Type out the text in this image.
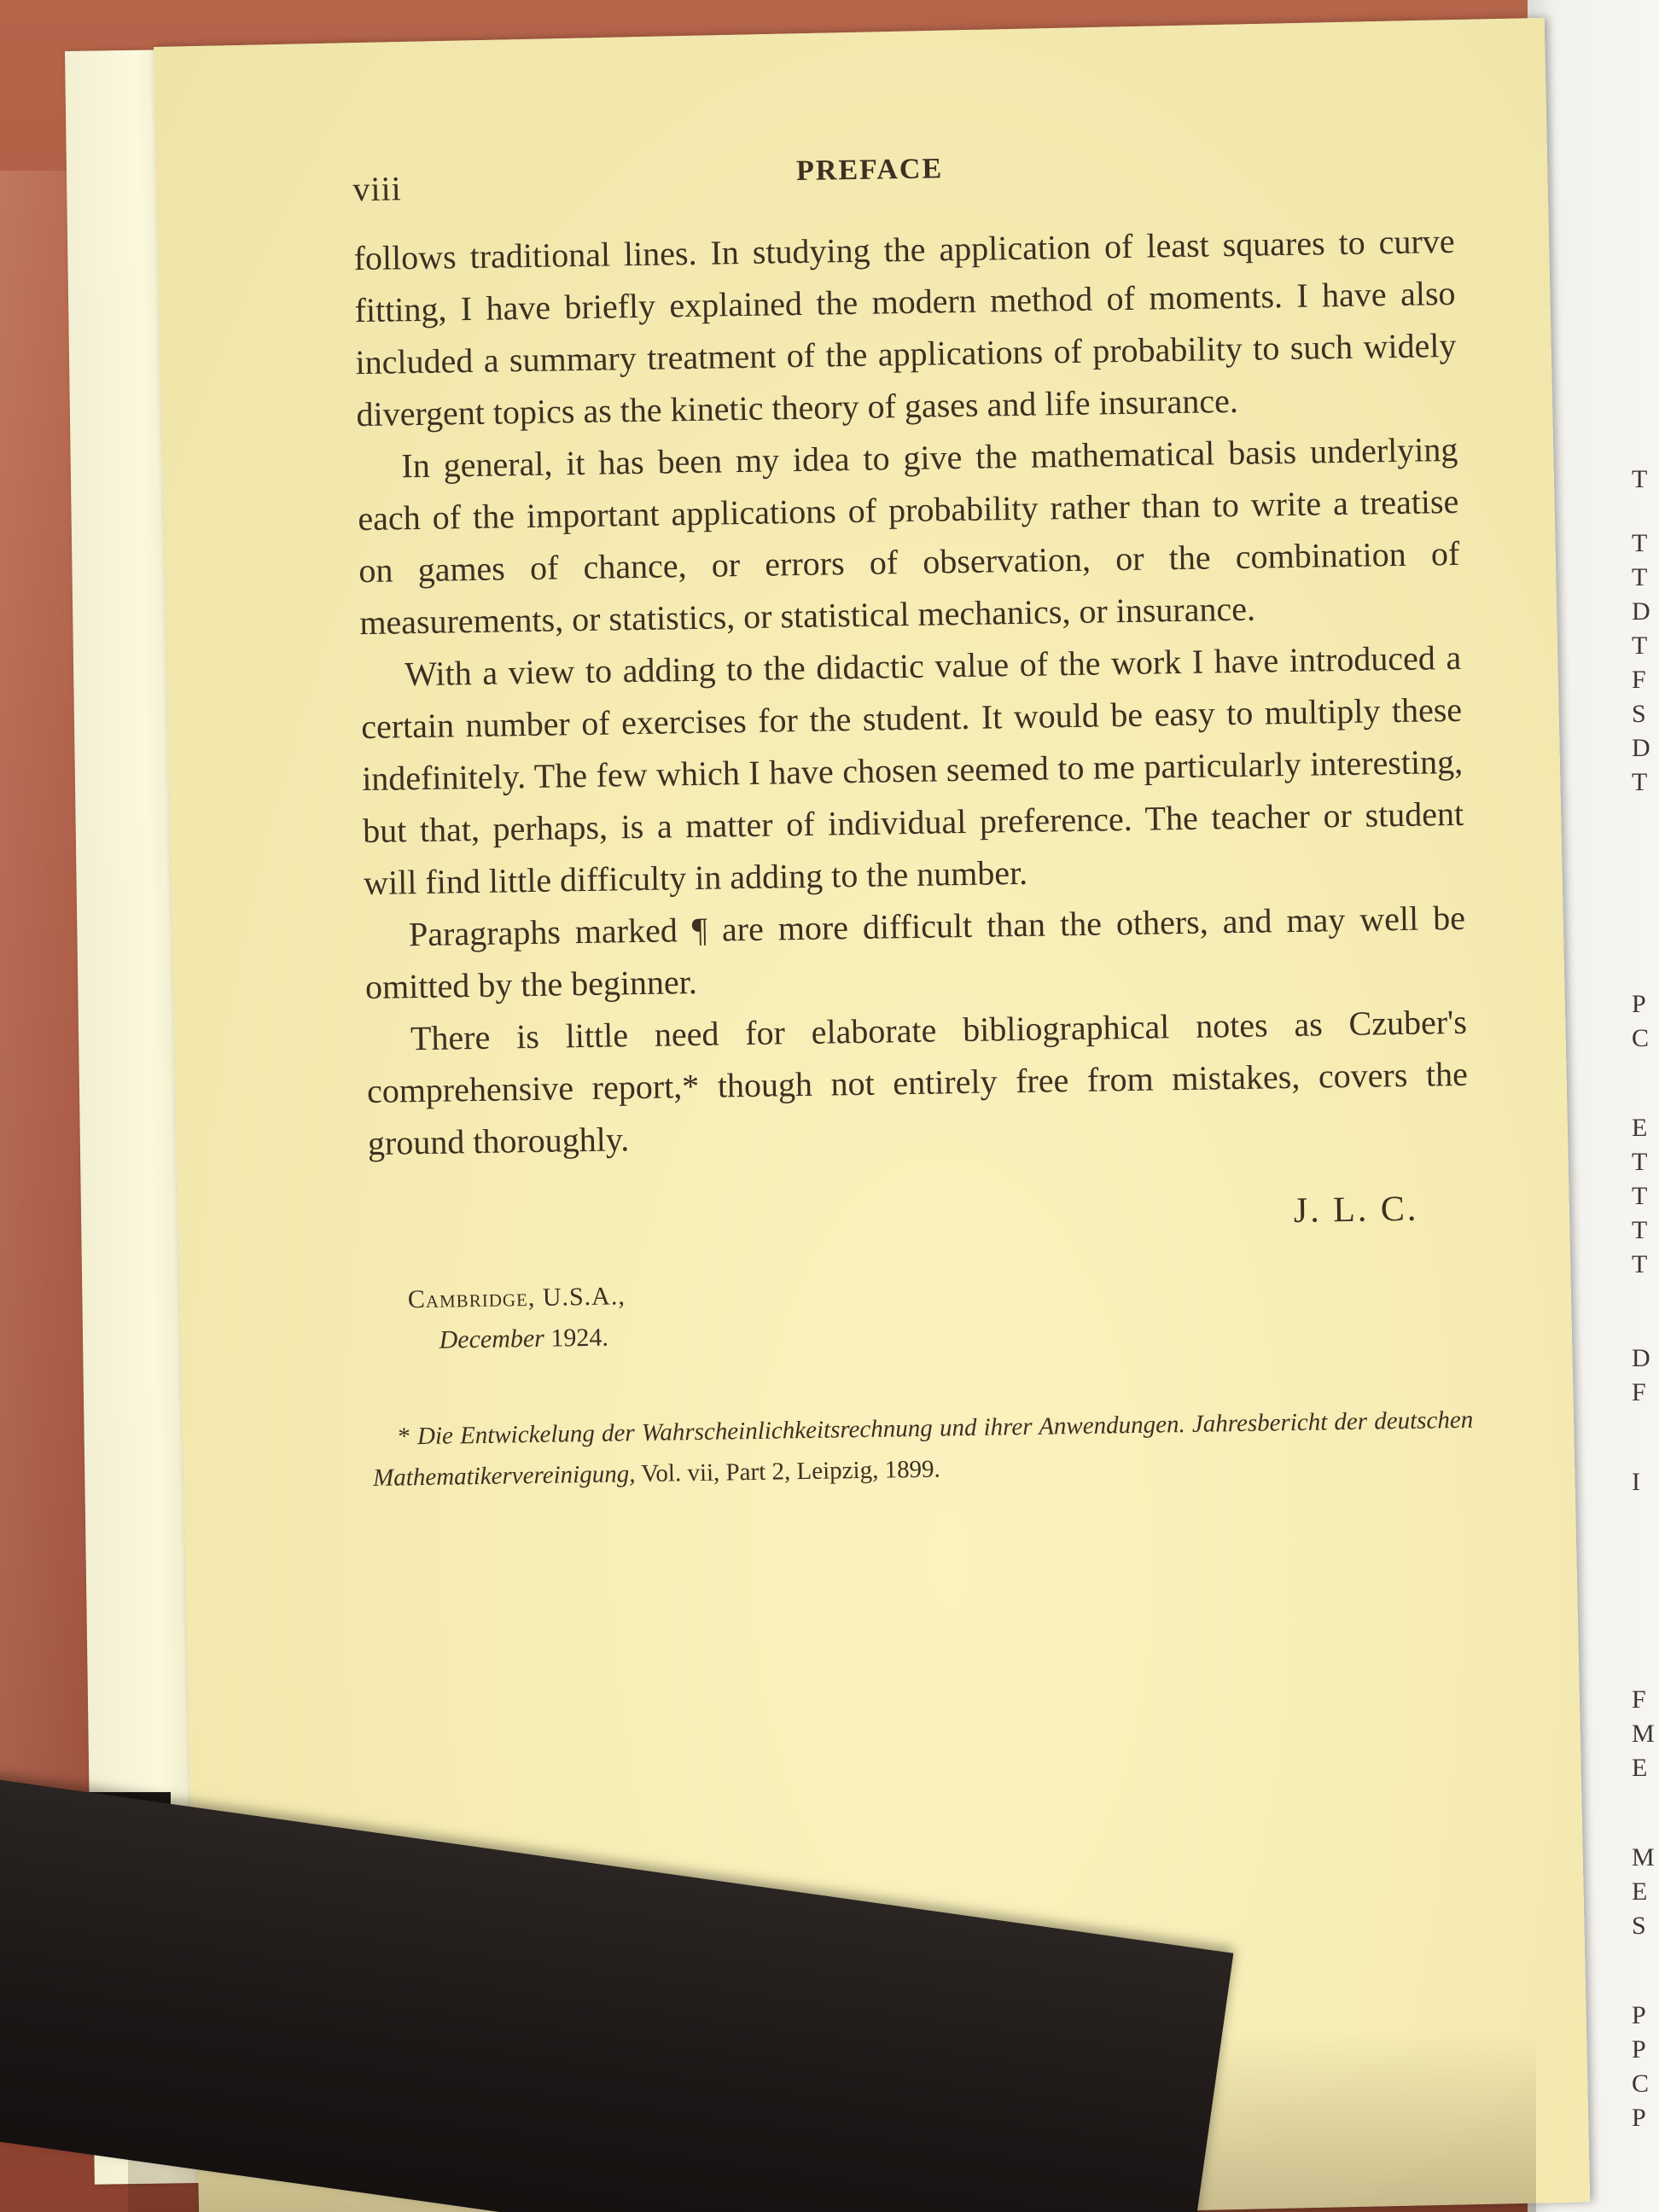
T
T
T
D
T
F
S
D
T
P
C
E
T
T
T
T
D
F
I
F
M
E
M
E
S
P
P
C
P
viii	PREFACE

follows traditional lines. In studying the application of least squares to curve fitting, I have briefly explained the modern method of moments. I have also included a summary treatment of the applications of probability to such widely divergent topics as the kinetic theory of gases and life insurance.

In general, it has been my idea to give the mathematical basis underlying each of the important applications of probability rather than to write a treatise on games of chance, or errors of observation, or the combination of measurements, or statistics, or statistical mechanics, or insurance.

With a view to adding to the didactic value of the work I have introduced a certain number of exercises for the student. It would be easy to multiply these indefinitely. The few which I have chosen seemed to me particularly interesting, but that, perhaps, is a matter of individual preference. The teacher or student will find little difficulty in adding to the number.

Paragraphs marked ¶ are more difficult than the others, and may well be omitted by the beginner.

There is little need for elaborate bibliographical notes as Czuber's comprehensive report,* though not entirely free from mistakes, covers the ground thoroughly.

J. L. C.
Cambridge, U.S.A.,
December 1924.
* Die Entwickelung der Wahrscheinlichkeitsrechnung und ihrer Anwendungen. Jahresbericht der deutschen Mathematikervereinigung, Vol. vii, Part 2, Leipzig, 1899.
